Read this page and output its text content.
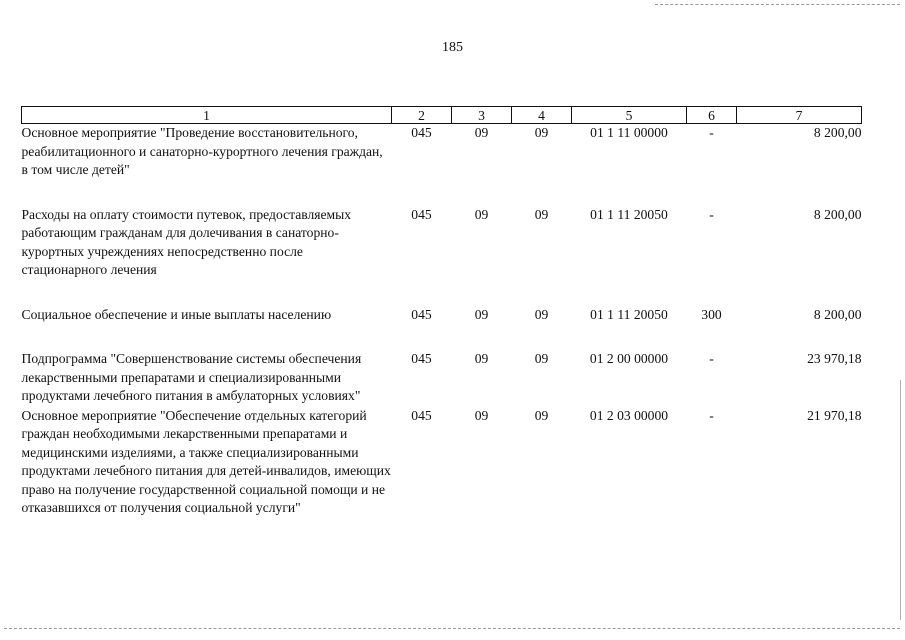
185
1	2	3	4	5	6	7
Основное мероприятие "Проведение восстановительного, реабилитационного и санаторно-курортного лечения граждан, в том числе детей"	045	09	09	01 1 11 00000	-	8 200,00
Расходы на оплату стоимости путевок, предоставляемых работающим гражданам для долечивания в санаторно-курортных учреждениях непосредственно после стационарного лечения	045	09	09	01 1 11 20050	-	8 200,00
Социальное обеспечение и иные выплаты населению	045	09	09	01 1 11 20050	300	8 200,00
Подпрограмма "Совершенствование системы обеспечения лекарственными препаратами и специализированными продуктами лечебного питания в амбулаторных условиях"	045	09	09	01 2 00 00000	-	23 970,18
Основное мероприятие "Обеспечение отдельных категорий граждан необходимыми лекарственными препаратами и медицинскими изделиями, а также специализированными продуктами лечебного питания для детей-инвалидов, имеющих право на получение государственной социальной помощи и не отказавшихся от получения социальной услуги"	045	09	09	01 2 03 00000	-	21 970,18
